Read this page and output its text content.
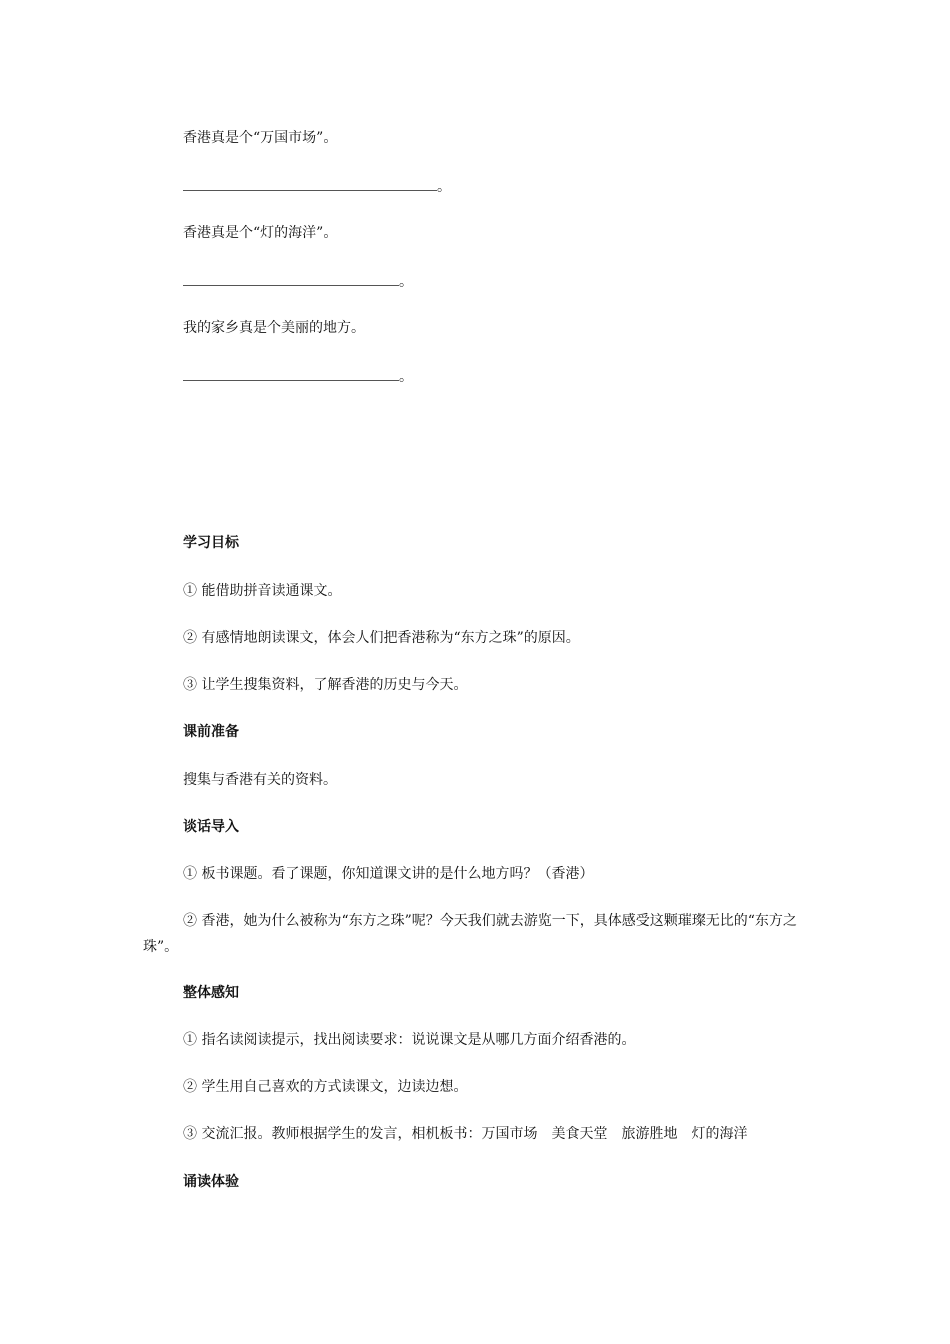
香港真是个“万国市场”。
。
香港真是个“灯的海洋”。
。
我的家乡真是个美丽的地方。
。
学习目标
① 能借助拼音读通课文。
② 有感情地朗读课文，体会人们把香港称为“东方之珠”的原因。
③ 让学生搜集资料，了解香港的历史与今天。
课前准备
搜集与香港有关的资料。
谈话导入
① 板书课题。看了课题，你知道课文讲的是什么地方吗？（香港）
② 香港，她为什么被称为“东方之珠”呢？今天我们就去游览一下，具体感受这颗璀璨无比的“东方之珠”。
整体感知
① 指名读阅读提示，找出阅读要求：说说课文是从哪几方面介绍香港的。
② 学生用自己喜欢的方式读课文，边读边想。
③ 交流汇报。教师根据学生的发言，相机板书：万国市场　美食天堂　旅游胜地　灯的海洋
诵读体验
